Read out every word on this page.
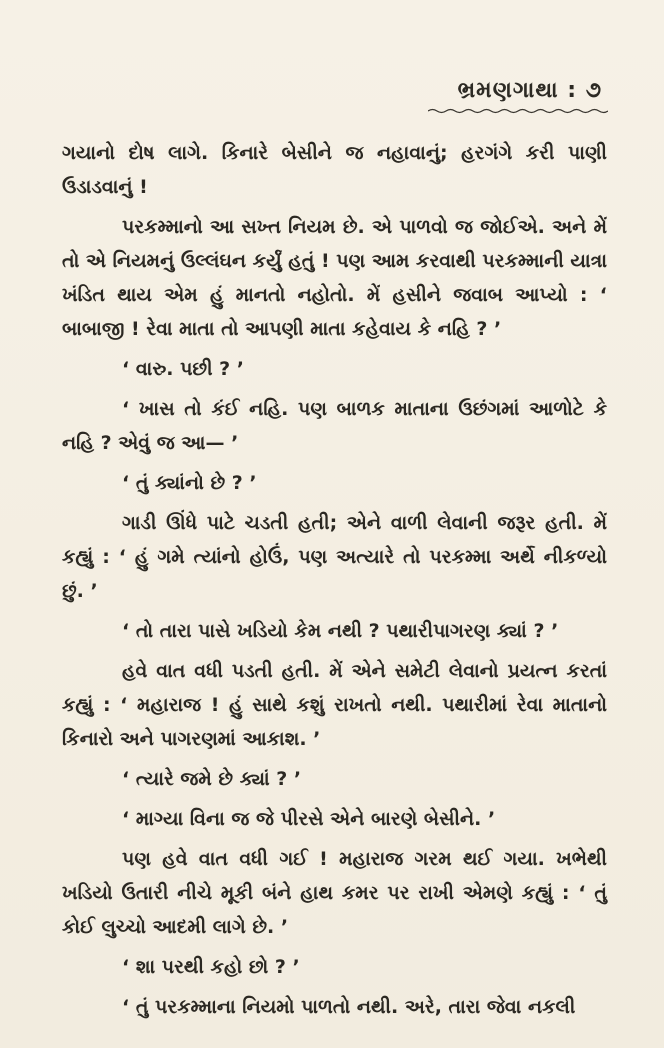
ભ્રમણગાથા : ૭

ગયાનો દોષ લાગે. કિનારે બેસીને જ નહાવાનું; હરગંગે કરી પાણી ઉડાડવાનું !

પરકમ્માનો આ સખ્ત નિયમ છે. એ પાળવો જ જોઈએ. અને મેં તો એ નિયમનું ઉલ્લંઘન કર્યું હતું ! પણ આમ કરવાથી પરકમ્માની યાત્રા ખંડિત થાય એમ હું માનતો નહોતો. મેં હસીને જવાબ આપ્યો : ‘ બાબાજી ! રેવા માતા તો આપણી માતા કહેવાય કે નહિ ? ’

‘ વારુ. પછી ? ’

‘ ખાસ તો કંઈ નહિ. પણ બાળક માતાના ઉછંગમાં આળોટે કે નહિ ? એવું જ આ— ’

‘ તું ક્યાંનો છે ? ’

ગાડી ઊંધે પાટે ચડતી હતી; એને વાળી લેવાની જરૂર હતી. મેં કહ્યું : ‘ હું ગમે ત્યાંનો હોઉં, પણ અત્યારે તો પરકમ્મા અર્થે નીકળ્યો છું. ’

‘ તો તારા પાસે ખડિયો કેમ નથી ? પથારીપાગરણ ક્યાં ? ’

હવે વાત વધી પડતી હતી. મેં એને સમેટી લેવાનો પ્રયત્ન કરતાં કહ્યું : ‘ મહારાજ ! હું સાથે કશું રાખતો નથી. પથારીમાં રેવા માતાનો કિનારો અને પાગરણમાં આકાશ. ’

‘ ત્યારે જમે છે ક્યાં ? ’

‘ માગ્યા વિના જ જે પીરસે એને બારણે બેસીને. ’

પણ હવે વાત વધી ગઈ ! મહારાજ ગરમ થઈ ગયા. ખભેથી ખડિયો ઉતારી નીચે મૂકી બંને હાથ કમર પર રાખી એમણે કહ્યું : ‘ તું કોઈ લુચ્ચો આદમી લાગે છે. ’

‘ શા પરથી કહો છો ? ’

‘ તું પરકમ્માના નિયમો પાળતો નથી. અરે, તારા જેવા નકલી
